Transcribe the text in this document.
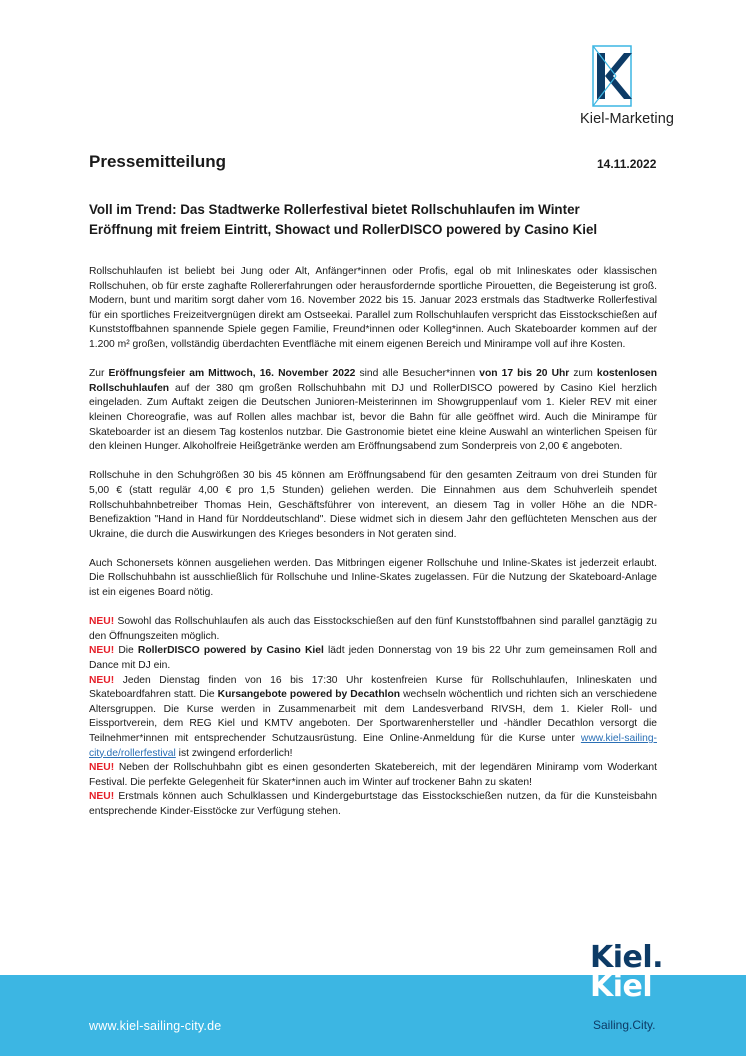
Kiel-Marketing
Pressemitteilung	14.11.2022
Voll im Trend: Das Stadtwerke Rollerfestival bietet Rollschuhlaufen im Winter
Eröffnung mit freiem Eintritt, Showact und RollerDISCO powered by Casino Kiel

Rollschuhlaufen ist beliebt bei Jung oder Alt, Anfänger*innen oder Profis, egal ob mit Inlineskates oder klassischen Rollschuhen, ob für erste zaghafte Rollererfahrungen oder herausfordernde sportliche Pirouetten, die Begeisterung ist groß. Modern, bunt und maritim sorgt daher vom 16. November 2022 bis 15. Januar 2023 erstmals das Stadtwerke Rollerfestival für ein sportliches Freizeitvergnügen direkt am Ostseekai. Parallel zum Rollschuhlaufen verspricht das Eisstockschießen auf Kunststoffbahnen spannende Spiele gegen Familie, Freund*innen oder Kolleg*innen. Auch Skateboarder kommen auf der 1.200 m² großen, vollständig überdachten Eventfläche mit einem eigenen Bereich und Minirampe voll auf ihre Kosten.

Zur Eröffnungsfeier am Mittwoch, 16. November 2022 sind alle Besucher*innen von 17 bis 20 Uhr zum kostenlosen Rollschuhlaufen auf der 380 qm großen Rollschuhbahn mit DJ und RollerDISCO powered by Casino Kiel herzlich eingeladen. Zum Auftakt zeigen die Deutschen Junioren-Meisterinnen im Showgruppenlauf vom 1. Kieler REV mit einer kleinen Choreografie, was auf Rollen alles machbar ist, bevor die Bahn für alle geöffnet wird. Auch die Minirampe für Skateboarder ist an diesem Tag kostenlos nutzbar. Die Gastronomie bietet eine kleine Auswahl an winterlichen Speisen für den kleinen Hunger. Alkoholfreie Heißgetränke werden am Eröffnungsabend zum Sonderpreis von 2,00 € angeboten.

Rollschuhe in den Schuhgrößen 30 bis 45 können am Eröffnungsabend für den gesamten Zeitraum von drei Stunden für 5,00 € (statt regulär 4,00 € pro 1,5 Stunden) geliehen werden. Die Einnahmen aus dem Schuhverleih spendet Rollschuhbahnbetreiber Thomas Hein, Geschäftsführer von interevent, an diesem Tag in voller Höhe an die NDR-Benefizaktion "Hand in Hand für Norddeutschland". Diese widmet sich in diesem Jahr den geflüchteten Menschen aus der Ukraine, die durch die Auswirkungen des Krieges besonders in Not geraten sind.

Auch Schonersets können ausgeliehen werden. Das Mitbringen eigener Rollschuhe und Inline-Skates ist jederzeit erlaubt. Die Rollschuhbahn ist ausschließlich für Rollschuhe und Inline-Skates zugelassen. Für die Nutzung der Skateboard-Anlage ist ein eigenes Board nötig.

NEU! Sowohl das Rollschuhlaufen als auch das Eisstockschießen auf den fünf Kunststoffbahnen sind parallel ganztägig zu den Öffnungszeiten möglich.

NEU! Die RollerDISCO powered by Casino Kiel lädt jeden Donnerstag von 19 bis 22 Uhr zum gemeinsamen Roll and Dance mit DJ ein.

NEU! Jeden Dienstag finden von 16 bis 17:30 Uhr kostenfreien Kurse für Rollschuhlaufen, Inlineskaten und Skateboardfahren statt. Die Kursangebote powered by Decathlon wechseln wöchentlich und richten sich an verschiedene Altersgruppen. Die Kurse werden in Zusammenarbeit mit dem Landesverband RIVSH, dem 1. Kieler Roll- und Eissportverein, dem REG Kiel und KMTV angeboten. Der Sportwarenhersteller und -händler Decathlon versorgt die Teilnehmer*innen mit entsprechender Schutzausrüstung. Eine Online-Anmeldung für die Kurse unter www.kiel-sailing-city.de/rollerfestival ist zwingend erforderlich!

NEU! Neben der Rollschuhbahn gibt es einen gesonderten Skatebereich, mit der legendären Miniramp vom Woderkant Festival. Die perfekte Gelegenheit für Skater*innen auch im Winter auf trockener Bahn zu skaten!

NEU! Erstmals können auch Schulklassen und Kindergeburtstage das Eisstockschießen nutzen, da für die Kunsteisbahn entsprechende Kinder-Eisstöcke zur Verfügung stehen.

www.kiel-sailing-city.de
Kiel.
Kiel
Sailing.City.
